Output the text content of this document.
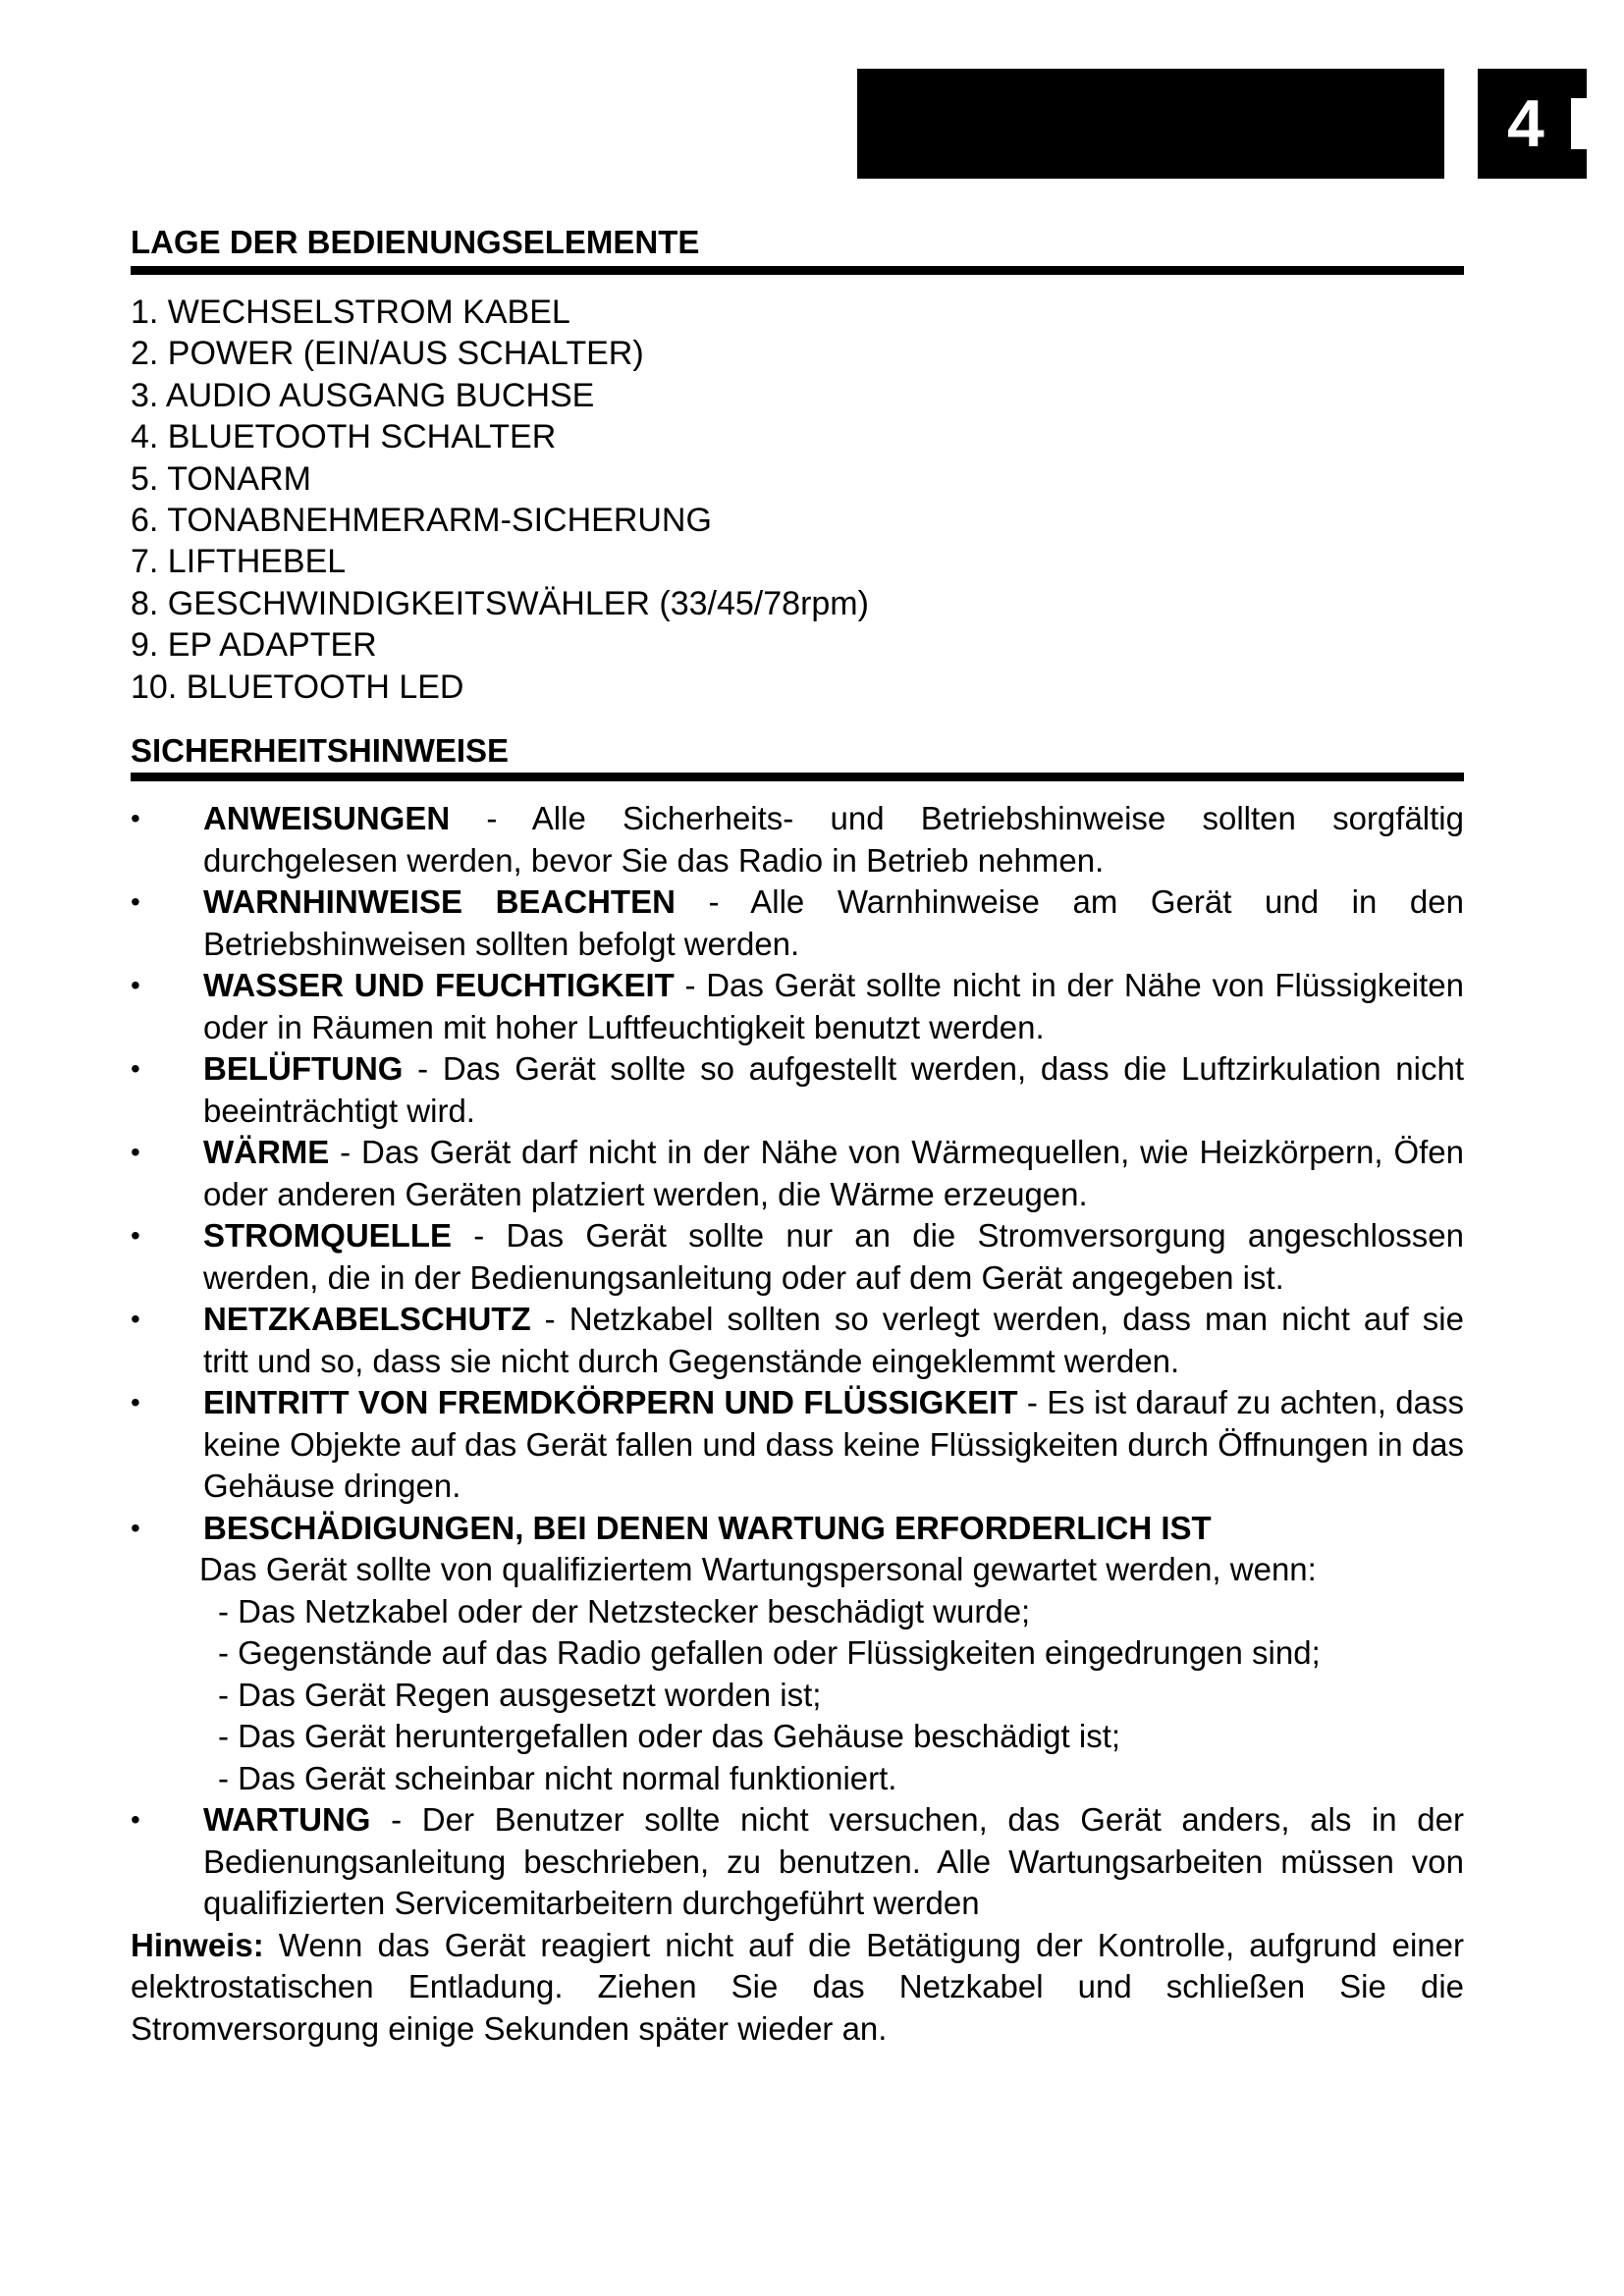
4
LAGE DER BEDIENUNGSELEMENTE
1. WECHSELSTROM KABEL
2. POWER (EIN/AUS SCHALTER)
3. AUDIO AUSGANG BUCHSE
4. BLUETOOTH SCHALTER
5. TONARM
6. TONABNEHMERARM-SICHERUNG
7. LIFTHEBEL
8. GESCHWINDIGKEITSWÄHLER (33/45/78rpm)
9. EP ADAPTER
10. BLUETOOTH LED
SICHERHEITSHINWEISE
• ANWEISUNGEN - Alle Sicherheits- und Betriebshinweise sollten sorgfältig durchgelesen werden, bevor Sie das Radio in Betrieb nehmen.
• WARNHINWEISE BEACHTEN - Alle Warnhinweise am Gerät und in den Betriebshinweisen sollten befolgt werden.
• WASSER UND FEUCHTIGKEIT - Das Gerät sollte nicht in der Nähe von Flüssigkeiten oder in Räumen mit hoher Luftfeuchtigkeit benutzt werden.
• BELÜFTUNG - Das Gerät sollte so aufgestellt werden, dass die Luftzirkulation nicht beeinträchtigt wird.
• WÄRME - Das Gerät darf nicht in der Nähe von Wärmequellen, wie Heizkörpern, Öfen oder anderen Geräten platziert werden, die Wärme erzeugen.
• STROMQUELLE - Das Gerät sollte nur an die Stromversorgung angeschlossen werden, die in der Bedienungsanleitung oder auf dem Gerät angegeben ist.
• NETZKABELSCHUTZ - Netzkabel sollten so verlegt werden, dass man nicht auf sie tritt und so, dass sie nicht durch Gegenstände eingeklemmt werden.
• EINTRITT VON FREMDKÖRPERN UND FLÜSSIGKEIT - Es ist darauf zu achten, dass keine Objekte auf das Gerät fallen und dass keine Flüssigkeiten durch Öffnungen in das Gehäuse dringen.
• BESCHÄDIGUNGEN, BEI DENEN WARTUNG ERFORDERLICH IST
Das Gerät sollte von qualifiziertem Wartungspersonal gewartet werden, wenn:
- Das Netzkabel oder der Netzstecker beschädigt wurde;
- Gegenstände auf das Radio gefallen oder Flüssigkeiten eingedrungen sind;
- Das Gerät Regen ausgesetzt worden ist;
- Das Gerät heruntergefallen oder das Gehäuse beschädigt ist;
- Das Gerät scheinbar nicht normal funktioniert.
• WARTUNG - Der Benutzer sollte nicht versuchen, das Gerät anders, als in der Bedienungsanleitung beschrieben, zu benutzen. Alle Wartungsarbeiten müssen von qualifizierten Servicemitarbeitern durchgeführt werden
Hinweis: Wenn das Gerät reagiert nicht auf die Betätigung der Kontrolle, aufgrund einer elektrostatischen Entladung. Ziehen Sie das Netzkabel und schließen Sie die Stromversorgung einige Sekunden später wieder an.
